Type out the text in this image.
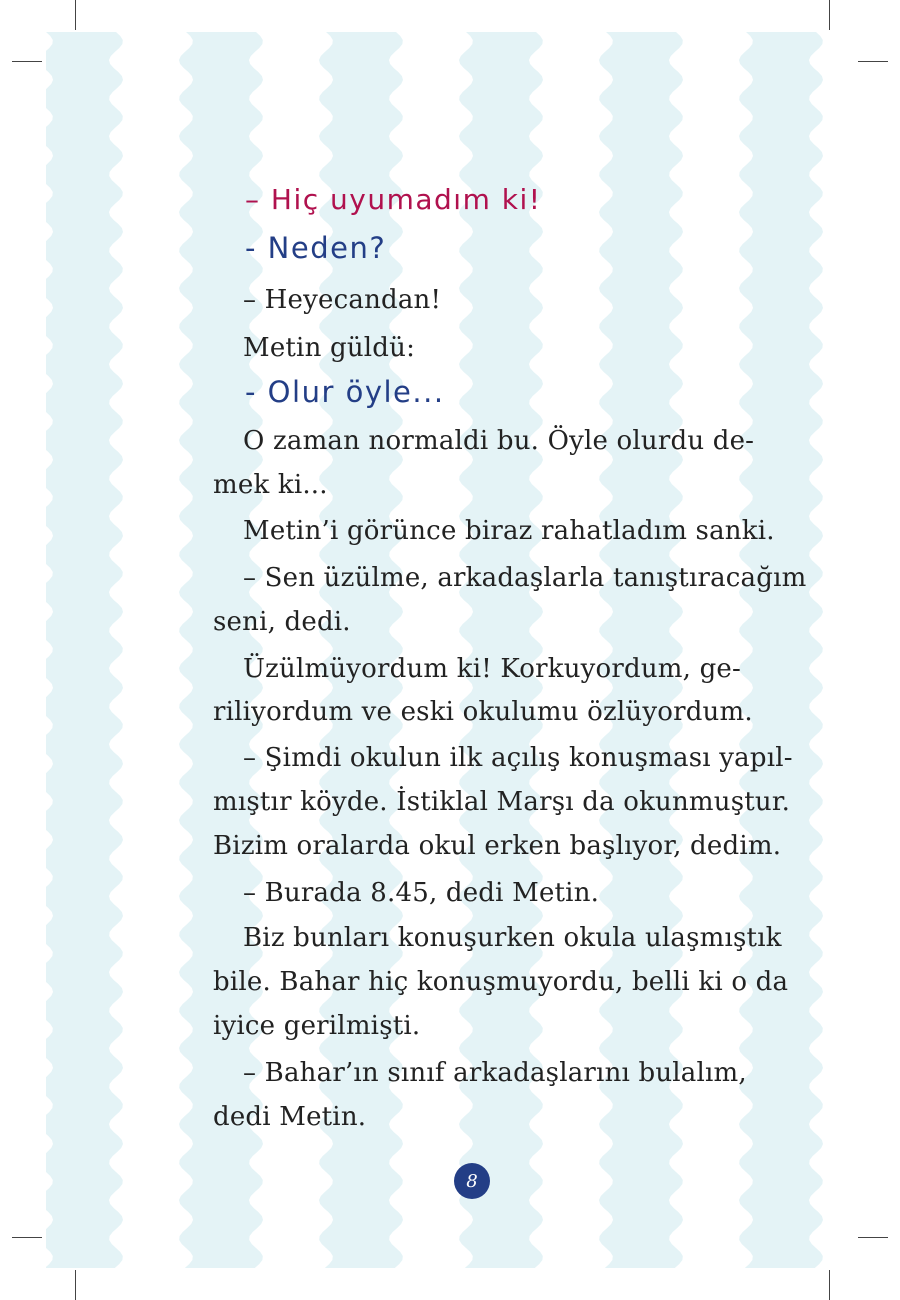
– Hiç uyumadım ki!
- Neden?
– Heyecandan!
Metin güldü:
- Olur öyle...
O zaman normaldi bu. Öyle olurdu de-
mek ki...
Metin’i görünce biraz rahatladım sanki.
– Sen üzülme, arkadaşlarla tanıştıracağım
seni, dedi.
Üzülmüyordum ki! Korkuyordum, ge-
riliyordum ve eski okulumu özlüyordum.
– Şimdi okulun ilk açılış konuşması yapıl-
mıştır köyde. İstiklal Marşı da okunmuştur.
Bizim oralarda okul erken başlıyor, dedim.
– Burada 8.45, dedi Metin.
Biz bunları konuşurken okula ulaşmıştık
bile. Bahar hiç konuşmuyordu, belli ki o da
iyice gerilmişti.
– Bahar’ın sınıf arkadaşlarını bulalım,
dedi Metin.
8
